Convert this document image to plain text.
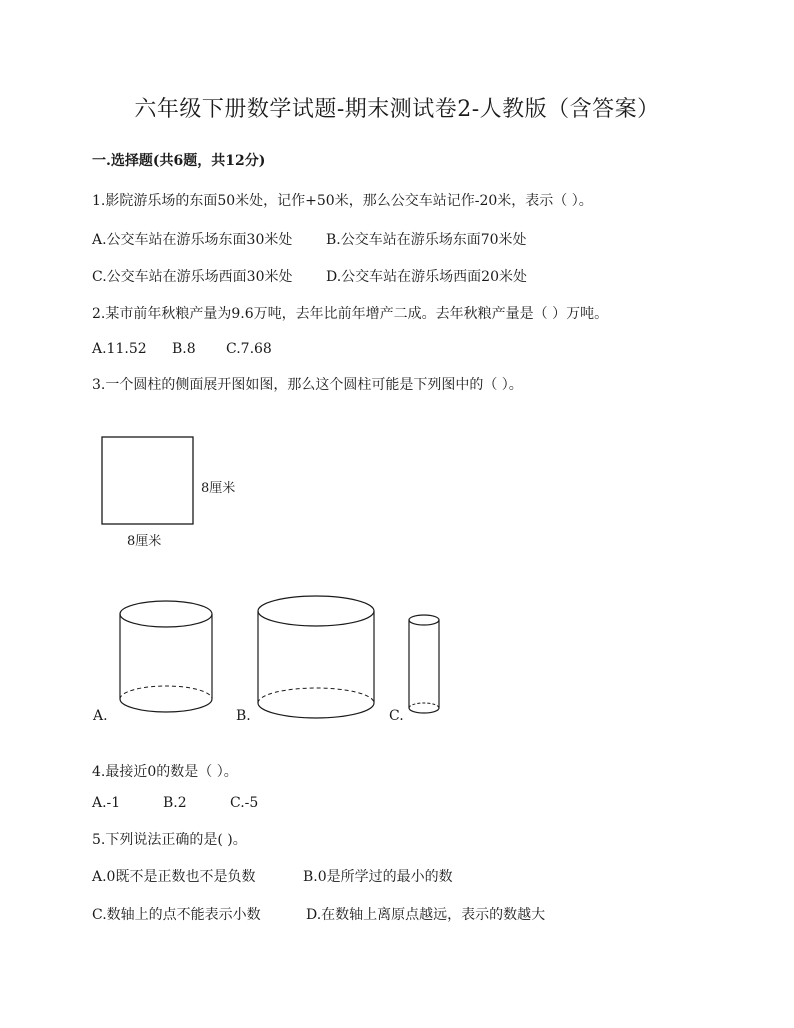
六年级下册数学试题-期末测试卷2-人教版（含答案）
一.选择题(共6题，共12分)
1.影院游乐场的东面50米处，记作+50米，那么公交车站记作-20米，表示（ ）。
A.公交车站在游乐场东面30米处 B.公交车站在游乐场东面70米处
C.公交车站在游乐场西面30米处 D.公交车站在游乐场西面20米处
2.某市前年秋粮产量为9.6万吨，去年比前年增产二成。去年秋粮产量是（ ）万吨。
A.11.52 B.8 C.7.68
3.一个圆柱的侧面展开图如图，那么这个圆柱可能是下列图中的（ ）。
8厘米
8厘米
A.	B.	C.
4.最接近0的数是（ ）。
A.-1	B.2	C.-5
5.下列说法正确的是( )。
A.0既不是正数也不是负数	B.0是所学过的最小的数
C.数轴上的点不能表示小数	D.在数轴上离原点越远，表示的数越大
